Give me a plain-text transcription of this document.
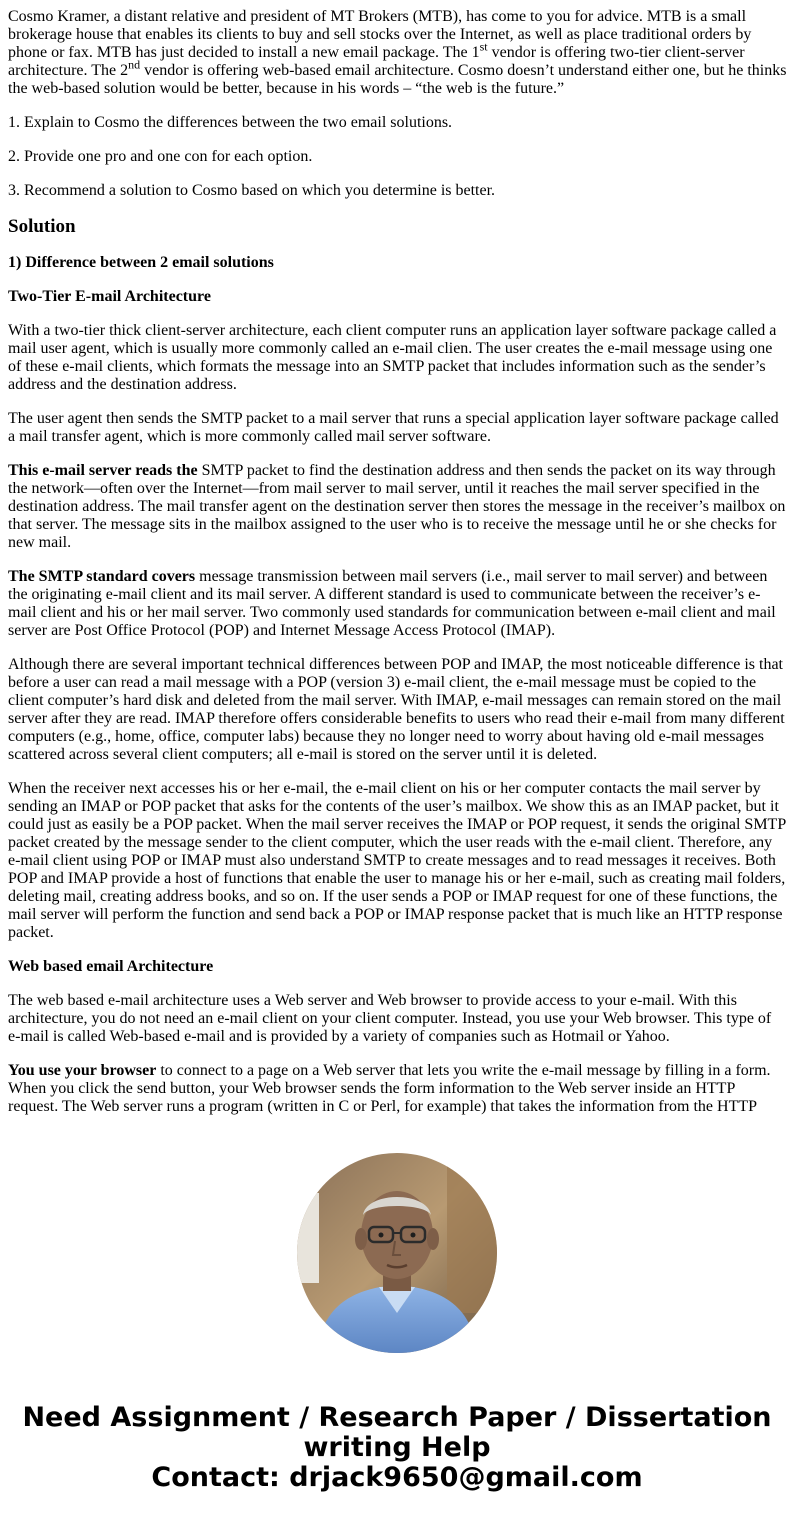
Cosmo Kramer, a distant relative and president of MT Brokers (MTB), has come to you for advice. MTB is a small brokerage house that enables its clients to buy and sell stocks over the Internet, as well as place traditional orders by phone or fax. MTB has just decided to install a new email package. The 1st vendor is offering two-tier client-server architecture. The 2nd vendor is offering web-based email architecture. Cosmo doesn’t understand either one, but he thinks the web-based solution would be better, because in his words – “the web is the future.”

1. Explain to Cosmo the differences between the two email solutions.

2. Provide one pro and one con for each option.

3. Recommend a solution to Cosmo based on which you determine is better.

Solution
1) Difference between 2 email solutions
Two-Tier E-mail Architecture

With a two-tier thick client-server architecture, each client computer runs an application layer software package called a mail user agent, which is usually more commonly called an e-mail clien. The user creates the e-mail message using one of these e-mail clients, which formats the message into an SMTP packet that includes information such as the sender’s address and the destination address.

The user agent then sends the SMTP packet to a mail server that runs a special application layer software package called a mail transfer agent, which is more commonly called mail server software.

This e-mail server reads the SMTP packet to find the destination address and then sends the packet on its way through the network—often over the Internet—from mail server to mail server, until it reaches the mail server specified in the destination address. The mail transfer agent on the destination server then stores the message in the receiver’s mailbox on that server. The message sits in the mailbox assigned to the user who is to receive the message until he or she checks for new mail.

The SMTP standard covers message transmission between mail servers (i.e., mail server to mail server) and between the originating e-mail client and its mail server. A different standard is used to communicate between the receiver’s e-mail client and his or her mail server. Two commonly used standards for communication between e-mail client and mail server are Post Office Protocol (POP) and Internet Message Access Protocol (IMAP).

Although there are several important technical differences between POP and IMAP, the most noticeable difference is that before a user can read a mail message with a POP (version 3) e-mail client, the e-mail message must be copied to the client computer’s hard disk and deleted from the mail server. With IMAP, e-mail messages can remain stored on the mail server after they are read. IMAP therefore offers considerable benefits to users who read their e-mail from many different computers (e.g., home, office, computer labs) because they no longer need to worry about having old e-mail messages scattered across several client computers; all e-mail is stored on the server until it is deleted.

When the receiver next accesses his or her e-mail, the e-mail client on his or her computer contacts the mail server by sending an IMAP or POP packet that asks for the contents of the user’s mailbox. We show this as an IMAP packet, but it could just as easily be a POP packet. When the mail server receives the IMAP or POP request, it sends the original SMTP packet created by the message sender to the client computer, which the user reads with the e-mail client. Therefore, any e-mail client using POP or IMAP must also understand SMTP to create messages and to read messages it receives. Both POP and IMAP provide a host of functions that enable the user to manage his or her e-mail, such as creating mail folders, deleting mail, creating address books, and so on. If the user sends a POP or IMAP request for one of these functions, the mail server will perform the function and send back a POP or IMAP response packet that is much like an HTTP response packet.

Web based email Architecture

The web based e-mail architecture uses a Web server and Web browser to provide access to your e-mail. With this architecture, you do not need an e-mail client on your client computer. Instead, you use your Web browser. This type of e-mail is called Web-based e-mail and is provided by a variety of companies such as Hotmail or Yahoo.

You use your browser to connect to a page on a Web server that lets you write the e-mail message by filling in a form. When you click the send button, your Web browser sends the form information to the Web server inside an HTTP request. The Web server runs a program (written in C or Perl, for example) that takes the information from the HTTP

Need Assignment / Research Paper / Dissertation writing Help
Contact: drjack9650@gmail.com
